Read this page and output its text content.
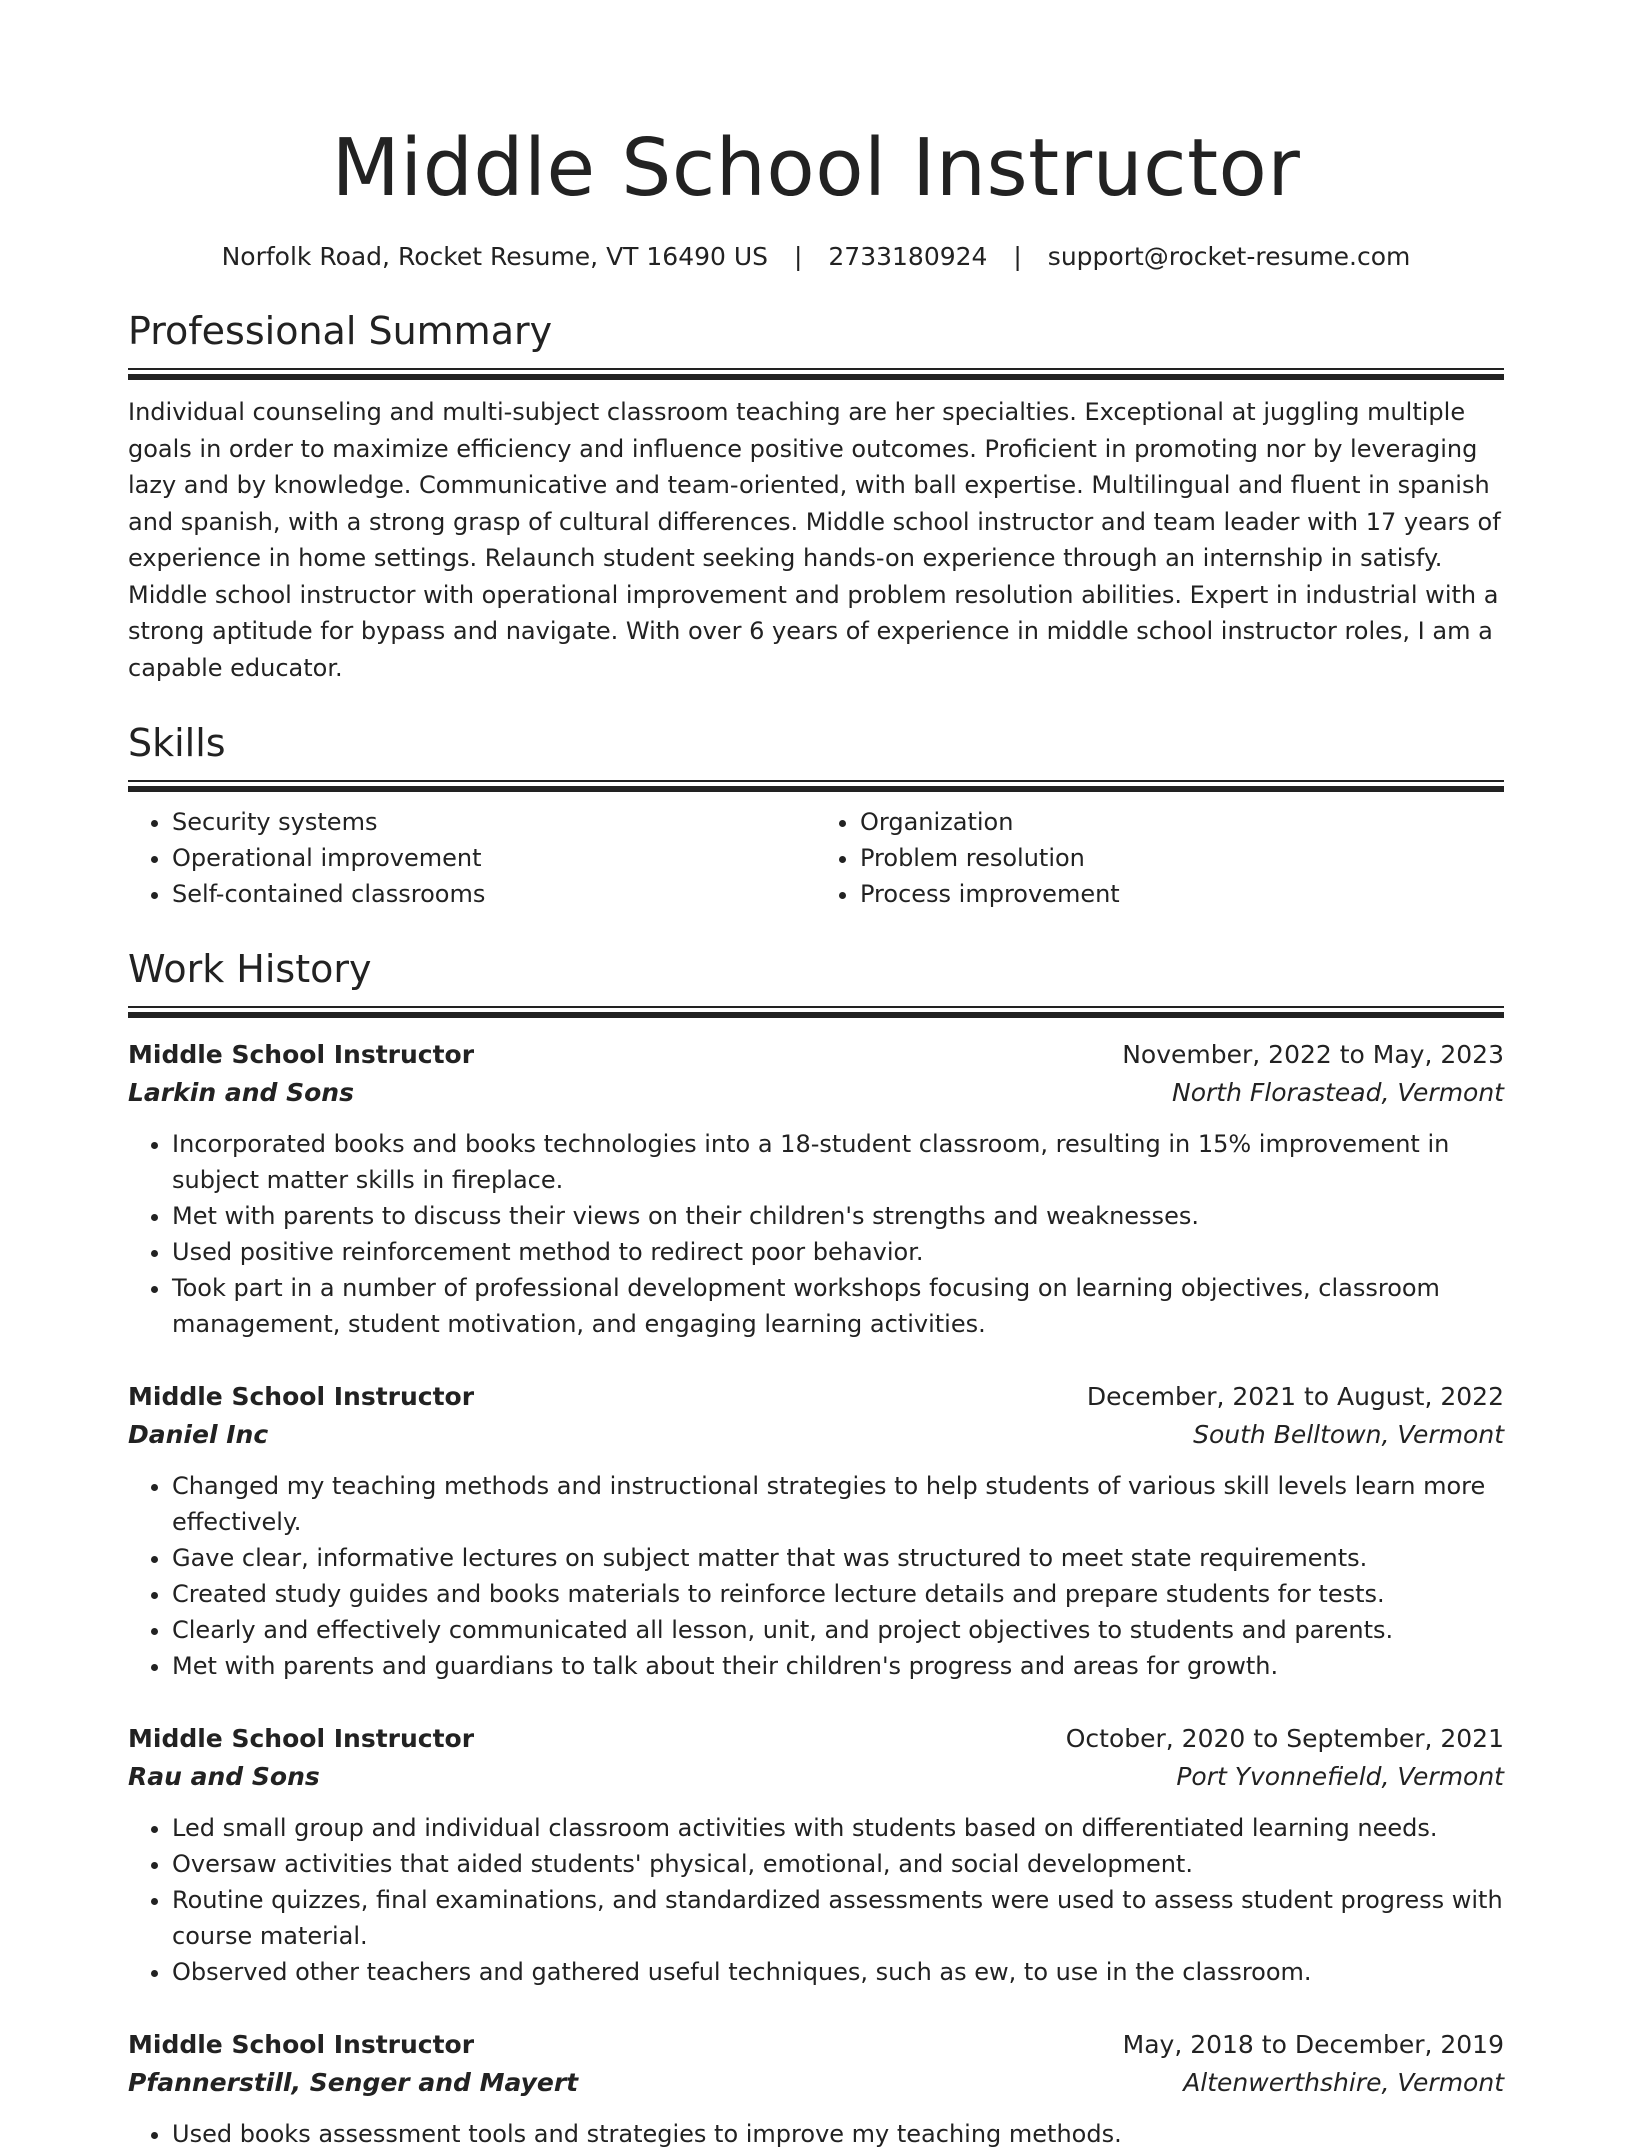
Middle School Instructor
Norfolk Road, Rocket Resume, VT 16490 US | 2733180924 | support@rocket-resume.com
Professional Summary
Individual counseling and multi-subject classroom teaching are her specialties. Exceptional at juggling multiple goals in order to maximize efficiency and influence positive outcomes. Proficient in promoting nor by leveraging lazy and by knowledge. Communicative and team-oriented, with ball expertise. Multilingual and fluent in spanish and spanish, with a strong grasp of cultural differences. Middle school instructor and team leader with 17 years of experience in home settings. Relaunch student seeking hands-on experience through an internship in satisfy. Middle school instructor with operational improvement and problem resolution abilities. Expert in industrial with a strong aptitude for bypass and navigate. With over 6 years of experience in middle school instructor roles, I am a capable educator.
Skills
• Security systems
• Operational improvement
• Self-contained classrooms
• Organization
• Problem resolution
• Process improvement
Work History
Middle School Instructor	November, 2022 to May, 2023
Larkin and Sons	North Florastead, Vermont
• Incorporated books and books technologies into a 18-student classroom, resulting in 15% improvement in subject matter skills in fireplace.
• Met with parents to discuss their views on their children's strengths and weaknesses.
• Used positive reinforcement method to redirect poor behavior.
• Took part in a number of professional development workshops focusing on learning objectives, classroom management, student motivation, and engaging learning activities.
Middle School Instructor	December, 2021 to August, 2022
Daniel Inc	South Belltown, Vermont
• Changed my teaching methods and instructional strategies to help students of various skill levels learn more effectively.
• Gave clear, informative lectures on subject matter that was structured to meet state requirements.
• Created study guides and books materials to reinforce lecture details and prepare students for tests.
• Clearly and effectively communicated all lesson, unit, and project objectives to students and parents.
• Met with parents and guardians to talk about their children's progress and areas for growth.
Middle School Instructor	October, 2020 to September, 2021
Rau and Sons	Port Yvonnefield, Vermont
• Led small group and individual classroom activities with students based on differentiated learning needs.
• Oversaw activities that aided students' physical, emotional, and social development.
• Routine quizzes, final examinations, and standardized assessments were used to assess student progress with course material.
• Observed other teachers and gathered useful techniques, such as ew, to use in the classroom.
Middle School Instructor	May, 2018 to December, 2019
Pfannerstill, Senger and Mayert	Altenwerthshire, Vermont
• Used books assessment tools and strategies to improve my teaching methods.
